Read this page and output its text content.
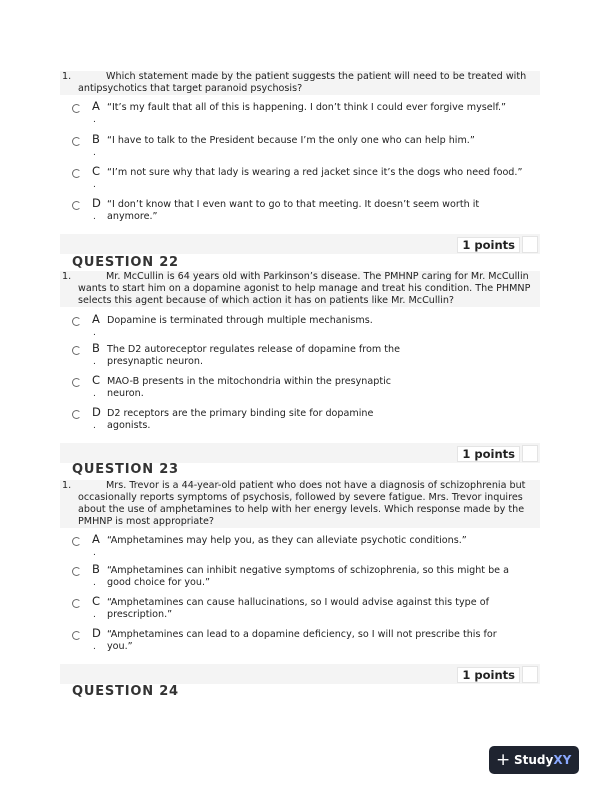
1.	Which statement made by the patient suggests the patient will need to be treated with antipsychotics that target paranoid psychosis?
A
.
“It’s my fault that all of this is happening. I don’t think I could ever forgive myself.”
B
.
“I have to talk to the President because I’m the only one who can help him.”
C
.
“I’m not sure why that lady is wearing a red jacket since it’s the dogs who need food.”
D
.
“I don’t know that I even want to go to that meeting. It doesn’t seem worth it anymore.”
1 points
QUESTION 22
1.	Mr. McCullin is 64 years old with Parkinson’s disease. The PMHNP caring for Mr. McCullin wants to start him on a dopamine agonist to help manage and treat his condition. The PHMNP selects this agent because of which action it has on patients like Mr. McCullin?
A
.
Dopamine is terminated through multiple mechanisms.
B
.
The D2 autoreceptor regulates release of dopamine from the presynaptic neuron.
C
.
MAO-B presents in the mitochondria within the presynaptic neuron.
D
.
D2 receptors are the primary binding site for dopamine agonists.
1 points
QUESTION 23
1.	Mrs. Trevor is a 44-year-old patient who does not have a diagnosis of schizophrenia but occasionally reports symptoms of psychosis, followed by severe fatigue. Mrs. Trevor inquires about the use of amphetamines to help with her energy levels. Which response made by the PMHNP is most appropriate?
A
.
“Amphetamines may help you, as they can alleviate psychotic conditions.”
B
.
“Amphetamines can inhibit negative symptoms of schizophrenia, so this might be a good choice for you.”
C
.
“Amphetamines can cause hallucinations, so I would advise against this type of prescription.”
D
.
“Amphetamines can lead to a dopamine deficiency, so I will not prescribe this for you.”
1 points
QUESTION 24
+ StudyXY
